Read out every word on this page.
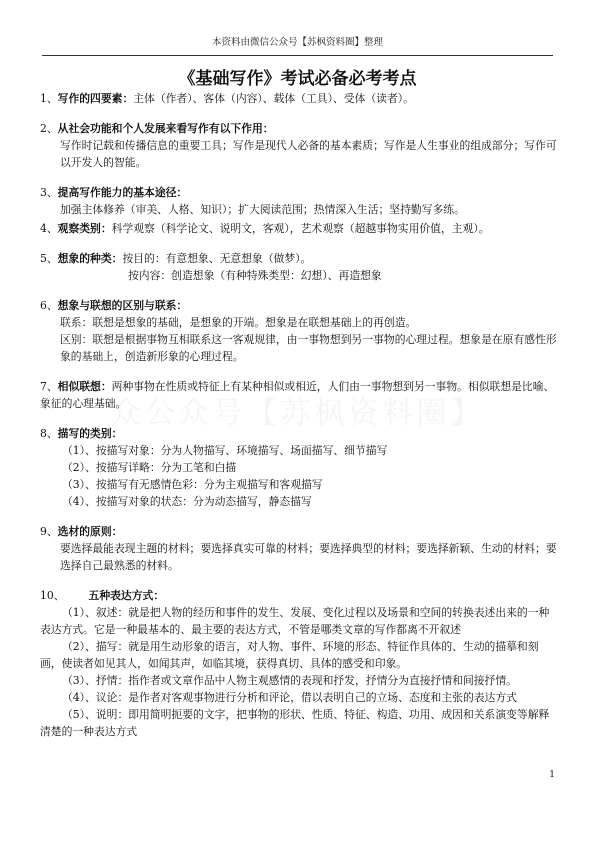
本资料由微信公众号【苏枫资料圈】整理
《基础写作》考试必备必考考点
众公众号【苏枫资料圈】
1、写作的四要素：主体（作者）、客体（内容）、载体（工具）、受体（读者）。
2、从社会功能和个人发展来看写作有以下作用：
写作时记载和传播信息的重要工具；写作是现代人必备的基本素质；写作是人生事业的组成部分；写作可以开发人的智能。
3、提高写作能力的基本途径：
加强主体修养（审美、人格、知识）；扩大阅读范围；热情深入生活；坚持勤写多练。
4、观察类别：科学观察（科学论文、说明文，客观），艺术观察（超越事物实用价值，主观）。
5、想象的种类：按目的：有意想象、无意想象（做梦）。
按内容：创造想象（有种特殊类型：幻想）、再造想象
6、想象与联想的区别与联系：
联系：联想是想象的基础，是想象的开端。想象是在联想基础上的再创造。
区别：联想是根据事物互相联系这一客观规律，由一事物想到另一事物的心理过程。想象是在原有感性形象的基础上，创造新形象的心理过程。
7、相似联想：两种事物在性质或特征上有某种相似或相近，人们由一事物想到另一事物。相似联想是比喻、象征的心理基础。
8、描写的类别：
（1）、按描写对象：分为人物描写、环境描写、场面描写、细节描写
（2）、按描写详略：分为工笔和白描
（3）、按描写有无感情色彩：分为主观描写和客观描写
（4）、按描写对象的状态：分为动态描写，静态描写
9、选材的原则：
要选择最能表现主题的材料；要选择真实可靠的材料；要选择典型的材料；要选择新颖、生动的材料；要选择自己最熟悉的材料。
10、 五种表达方式：
（1）、叙述：就是把人物的经历和事件的发生、发展、变化过程以及场景和空间的转换表述出来的一种表达方式。它是一种最基本的、最主要的表达方式，不管是哪类文章的写作都离不开叙述
（2）、描写：就是用生动形象的语言，对人物、事件、环境的形态、特征作具体的、生动的描摹和刻画，使读者如见其人，如闻其声，如临其境，获得真切、具体的感受和印象。
（3）、抒情：指作者或文章作品中人物主观感情的表现和抒发，抒情分为直接抒情和间接抒情。
（4）、议论：是作者对客观事物进行分析和评论，借以表明自己的立场、态度和主张的表达方式
（5）、说明：即用简明扼要的文字，把事物的形状、性质、特征、构造、功用、成因和关系演变等解释清楚的一种表达方式
1
